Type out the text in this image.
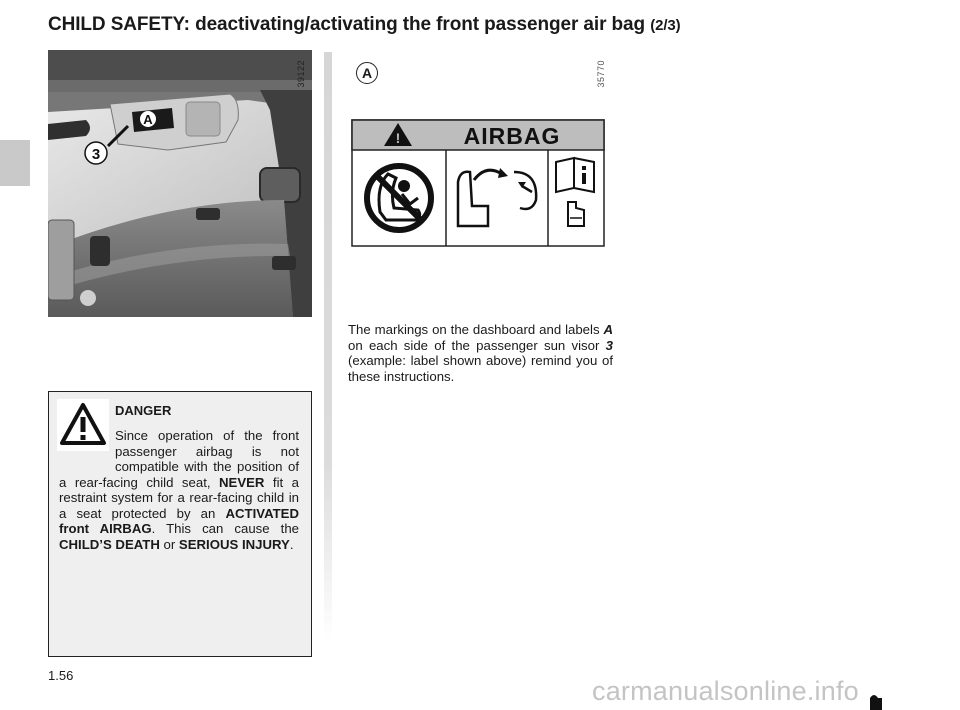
CHILD SAFETY: deactivating/activating the front passenger air bag (2/3)
A
3
39122	A	35770
!	AIRBAG

The markings on the dashboard and labels A on each side of the passenger sun visor 3 (example: label shown above) remind you of these instructions.

DANGER

Since operation of the front passenger airbag is not compatible with the position of a rear-facing child seat, NEVER fit a restraint system for a rear-facing child in a seat protected by an ACTIVATED front AIRBAG. This can cause the CHILD’S DEATH or SERIOUS INJURY.

1.56
carmanualsonline.info
